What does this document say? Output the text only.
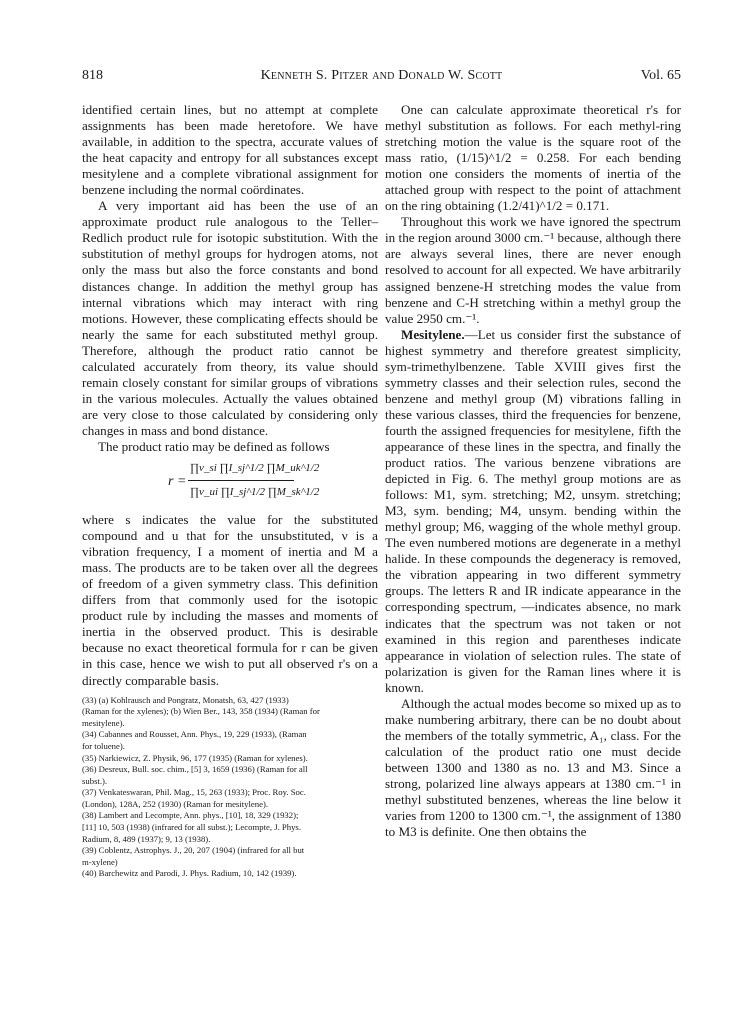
818	Kenneth S. Pitzer and Donald W. Scott	Vol. 65

identified certain lines, but no attempt at complete assignments has been made heretofore. We have available, in addition to the spectra, accurate values of the heat capacity and entropy for all substances except mesitylene and a complete vibrational assignment for benzene including the normal coördinates.

A very important aid has been the use of an approximate product rule analogous to the Teller–Redlich product rule for isotopic substitution. With the substitution of methyl groups for hydrogen atoms, not only the mass but also the force constants and bond distances change. In addition the methyl group has internal vibrations which may interact with ring motions. However, these complicating effects should be nearly the same for each substituted methyl group. Therefore, although the product ratio cannot be calculated accurately from theory, its value should remain closely constant for similar groups of vibrations in the various molecules. Actually the values obtained are very close to those calculated by considering only changes in mass and bond distance.

The product ratio may be defined as follows

r =
∏ν_si ∏I_sj^1/2 ∏M_uk^1/2
∏ν_ui ∏I_sj^1/2 ∏M_sk^1/2

where s indicates the value for the substituted compound and u that for the unsubstituted, ν is a vibration frequency, I a moment of inertia and M a mass. The products are to be taken over all the degrees of freedom of a given symmetry class. This definition differs from that commonly used for the isotopic product rule by including the masses and moments of inertia in the observed product. This is desirable because no exact theoretical formula for r can be given in this case, hence we wish to put all observed r's on a directly comparable basis.

(33) (a) Kohlrausch and Pongratz, Monatsh, 63, 427 (1933)
(Raman for the xylenes); (b) Wien Ber., 143, 358 (1934) (Raman for
mesitylene).
(34) Cabannes and Rousset, Ann. Phys., 19, 229 (1933), (Raman
for toluene).
(35) Narkiewicz, Z. Physik, 96, 177 (1935) (Raman for xylenes).
(36) Desreux, Bull. soc. chim., [5] 3, 1659 (1936) (Raman for all
subst.).
(37) Venkateswaran, Phil. Mag., 15, 263 (1933); Proc. Roy. Soc.
(London), 128A, 252 (1930) (Raman for mesitylene).
(38) Lambert and Lecompte, Ann. phys., [10], 18, 329 (1932);
[11] 10, 503 (1938) (infrared for all subst.); Lecompte, J. Phys.
Radium, 8, 489 (1937); 9, 13 (1938).
(39) Coblentz, Astrophys. J., 20, 207 (1904) (infrared for all but
m-xylene)
(40) Barchewitz and Parodi, J. Phys. Radium, 10, 142 (1939).

One can calculate approximate theoretical r's for methyl substitution as follows. For each methyl-ring stretching motion the value is the square root of the mass ratio, (1/15)^1/2 = 0.258. For each bending motion one considers the moments of inertia of the attached group with respect to the point of attachment on the ring obtaining (1.2/41)^1/2 = 0.171.

Throughout this work we have ignored the spectrum in the region around 3000 cm.⁻¹ because, although there are always several lines, there are never enough resolved to account for all expected. We have arbitrarily assigned benzene-H stretching modes the value from benzene and C-H stretching within a methyl group the value 2950 cm.⁻¹.

Mesitylene.—Let us consider first the substance of highest symmetry and therefore greatest simplicity, sym-trimethylbenzene. Table XVIII gives first the symmetry classes and their selection rules, second the benzene and methyl group (M) vibrations falling in these various classes, third the frequencies for benzene, fourth the assigned frequencies for mesitylene, fifth the appearance of these lines in the spectra, and finally the product ratios. The various benzene vibrations are depicted in Fig. 6. The methyl group motions are as follows: M1, sym. stretching; M2, unsym. stretching; M3, sym. bending; M4, unsym. bending within the methyl group; M6, wagging of the whole methyl group. The even numbered motions are degenerate in a methyl halide. In these compounds the degeneracy is removed, the vibration appearing in two different symmetry groups. The letters R and IR indicate appearance in the corresponding spectrum, —indicates absence, no mark indicates that the spectrum was not taken or not examined in this region and parentheses indicate appearance in violation of selection rules. The state of polarization is given for the Raman lines where it is known.

Although the actual modes become so mixed up as to make numbering arbitrary, there can be no doubt about the members of the totally symmetric, A₁, class. For the calculation of the product ratio one must decide between 1300 and 1380 as no. 13 and M3. Since a strong, polarized line always appears at 1380 cm.⁻¹ in methyl substituted benzenes, whereas the line below it varies from 1200 to 1300 cm.⁻¹, the assignment of 1380 to M3 is definite. One then obtains the
